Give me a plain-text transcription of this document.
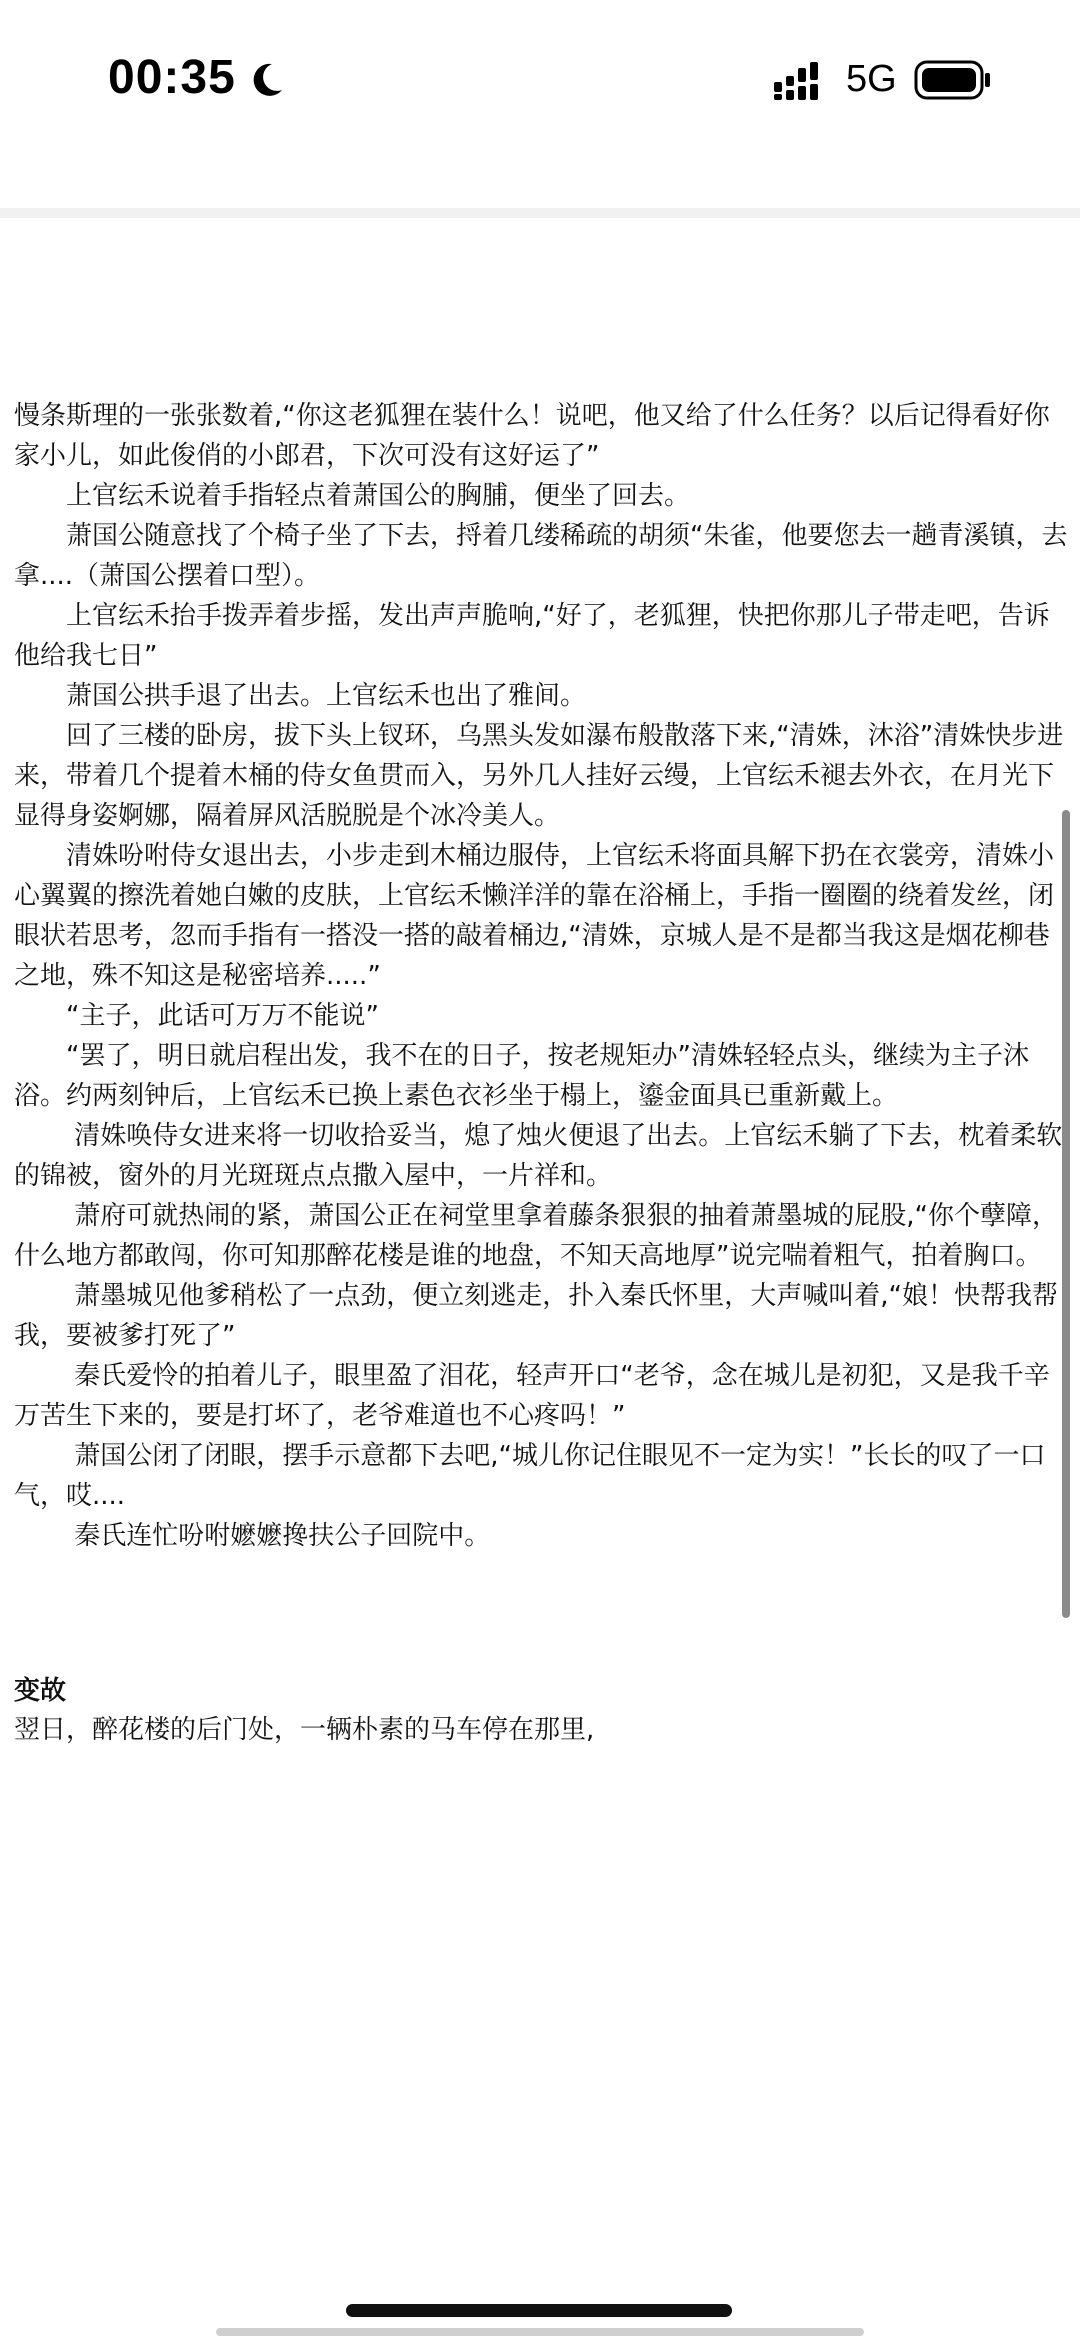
00:35	5G

慢条斯理的一张张数着,“你这老狐狸在装什么！说吧，他又给了什么任务？以后记得看好你家小儿，如此俊俏的小郎君，下次可没有这好运了”

　　上官纭禾说着手指轻点着萧国公的胸脯，便坐了回去。

　　萧国公随意找了个椅子坐了下去，捋着几缕稀疏的胡须“朱雀，他要您去一趟青溪镇，去拿....（萧国公摆着口型）。

　　上官纭禾抬手拨弄着步摇，发出声声脆响,“好了，老狐狸，快把你那儿子带走吧，告诉他给我七日”

　　萧国公拱手退了出去。上官纭禾也出了雅间。

　　回了三楼的卧房，拔下头上钗环，乌黑头发如瀑布般散落下来,“清姝，沐浴”清姝快步进来，带着几个提着木桶的侍女鱼贯而入，另外几人挂好云缦，上官纭禾褪去外衣，在月光下显得身姿婀娜，隔着屏风活脱脱是个冰冷美人。

　　清姝吩咐侍女退出去，小步走到木桶边服侍，上官纭禾将面具解下扔在衣裳旁，清姝小心翼翼的擦洗着她白嫩的皮肤，上官纭禾懒洋洋的靠在浴桶上，手指一圈圈的绕着发丝，闭眼状若思考，忽而手指有一搭没一搭的敲着桶边,“清姝，京城人是不是都当我这是烟花柳巷之地，殊不知这是秘密培养.....”

　　“主子，此话可万万不能说”

　　“罢了，明日就启程出发，我不在的日子，按老规矩办”清姝轻轻点头，继续为主子沐浴。约两刻钟后，上官纭禾已换上素色衣衫坐于榻上，鎏金面具已重新戴上。

　　 清姝唤侍女进来将一切收拾妥当，熄了烛火便退了出去。上官纭禾躺了下去，枕着柔软的锦被，窗外的月光斑斑点点撒入屋中，一片祥和。

　　 萧府可就热闹的紧，萧国公正在祠堂里拿着藤条狠狠的抽着萧墨城的屁股,“你个孽障，什么地方都敢闯，你可知那醉花楼是谁的地盘，不知天高地厚”说完喘着粗气，拍着胸口。

　　 萧墨城见他爹稍松了一点劲，便立刻逃走，扑入秦氏怀里，大声喊叫着,“娘！快帮我帮我，要被爹打死了”

　　 秦氏爱怜的拍着儿子，眼里盈了泪花，轻声开口“老爷，念在城儿是初犯，又是我千辛万苦生下来的，要是打坏了，老爷难道也不心疼吗！”

　　 萧国公闭了闭眼，摆手示意都下去吧,“城儿你记住眼见不一定为实！”长长的叹了一口气，哎....

　　 秦氏连忙吩咐嬷嬷搀扶公子回院中。

变故
翌日，醉花楼的后门处，一辆朴素的马车停在那里,
